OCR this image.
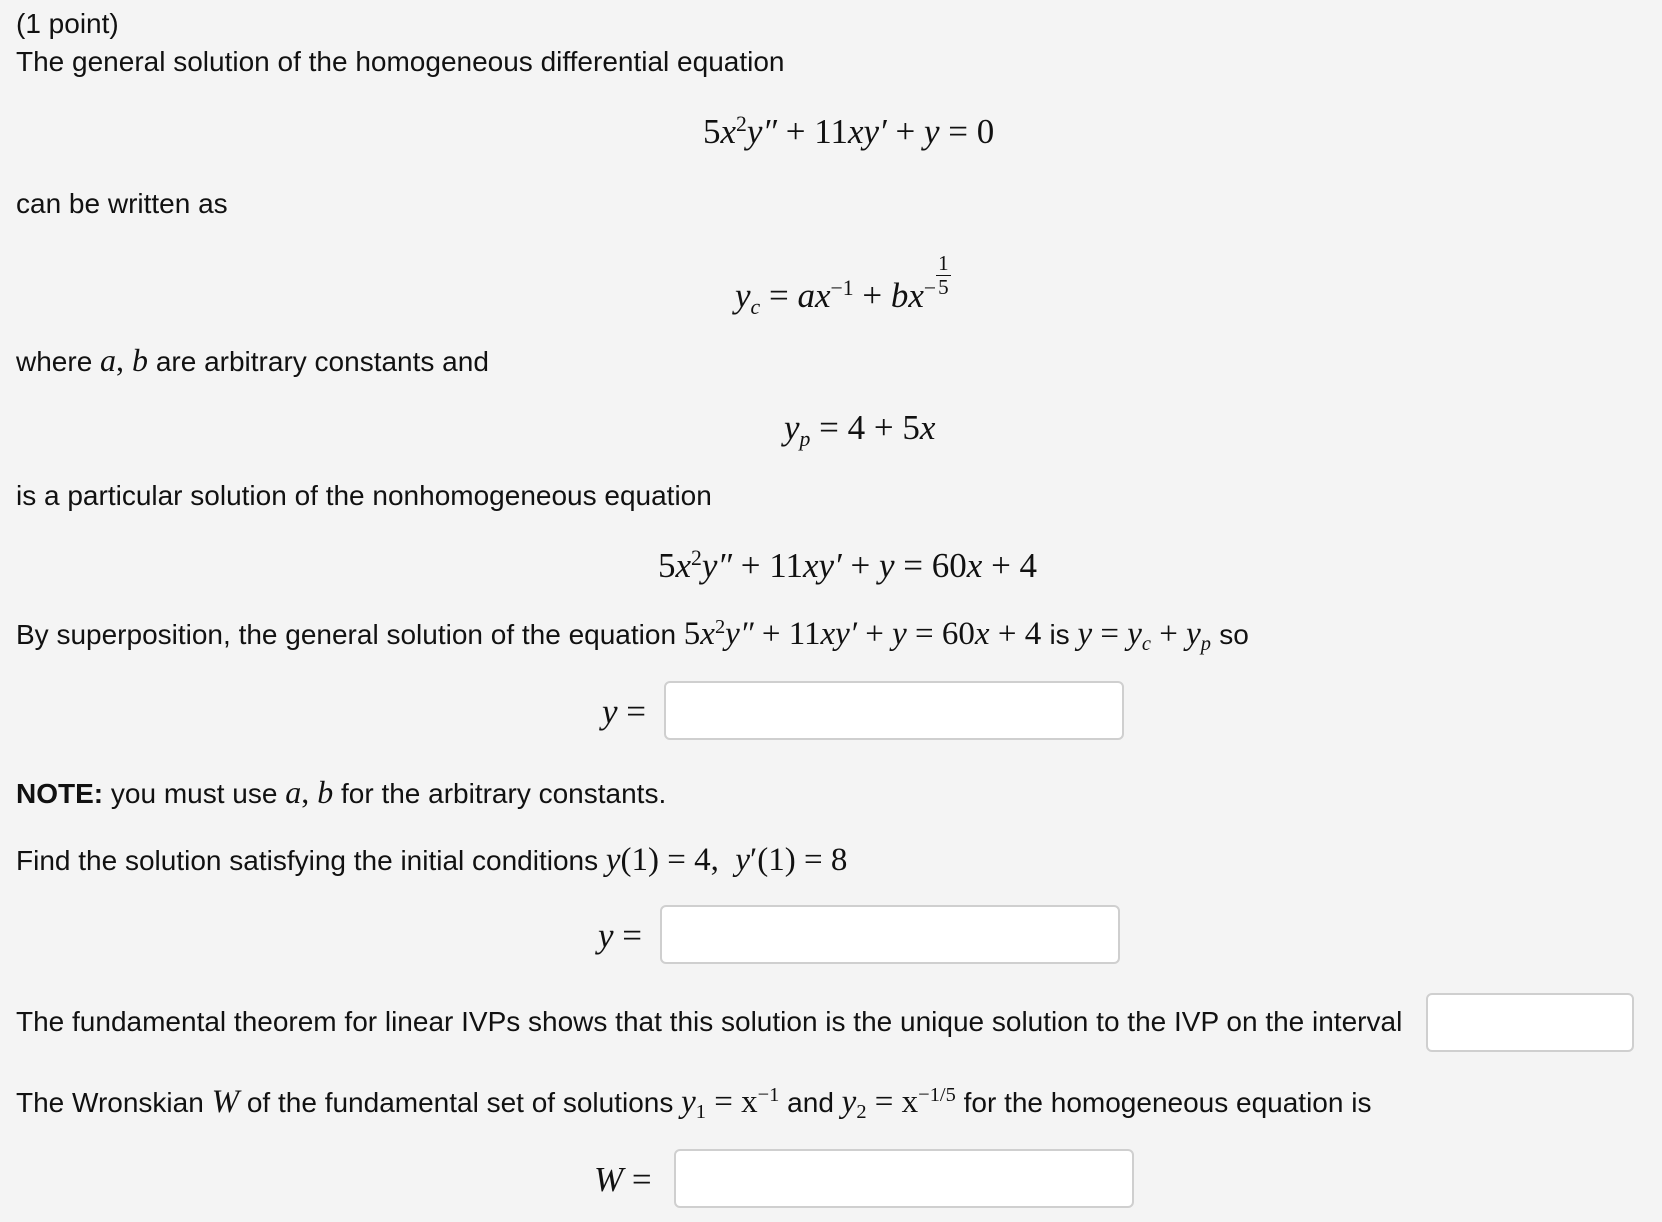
(1 point)
The general solution of the homogeneous differential equation
$5x^2y'' + 11xy' + y = 0$
can be written as
$y_c = ax^{-1} + bx^- \frac{1}{5}$
where a, b are arbitrary constants and
$y_p = 4 + 5x$
is a particular solution of the nonhomogeneous equation
$5x^2y'' + 11xy' + y = 60x + 4$
By superposition, the general solution of the equation $5x^2y'' + 11xy' + y = 60x + 4$ is $y = y_c + y_p$ so
y =
NOTE: you must use a, b for the arbitrary constants.
Find the solution satisfying the initial conditions y(1) = 4,  y′(1) = 8
y =
The fundamental theorem for linear IVPs shows that this solution is the unique solution to the IVP on the interval
The Wronskian W of the fundamental set of solutions $y_1 = x^{-1}$ and $y_2 = x^{-1/5}$ for the homogeneous equation is
W =
